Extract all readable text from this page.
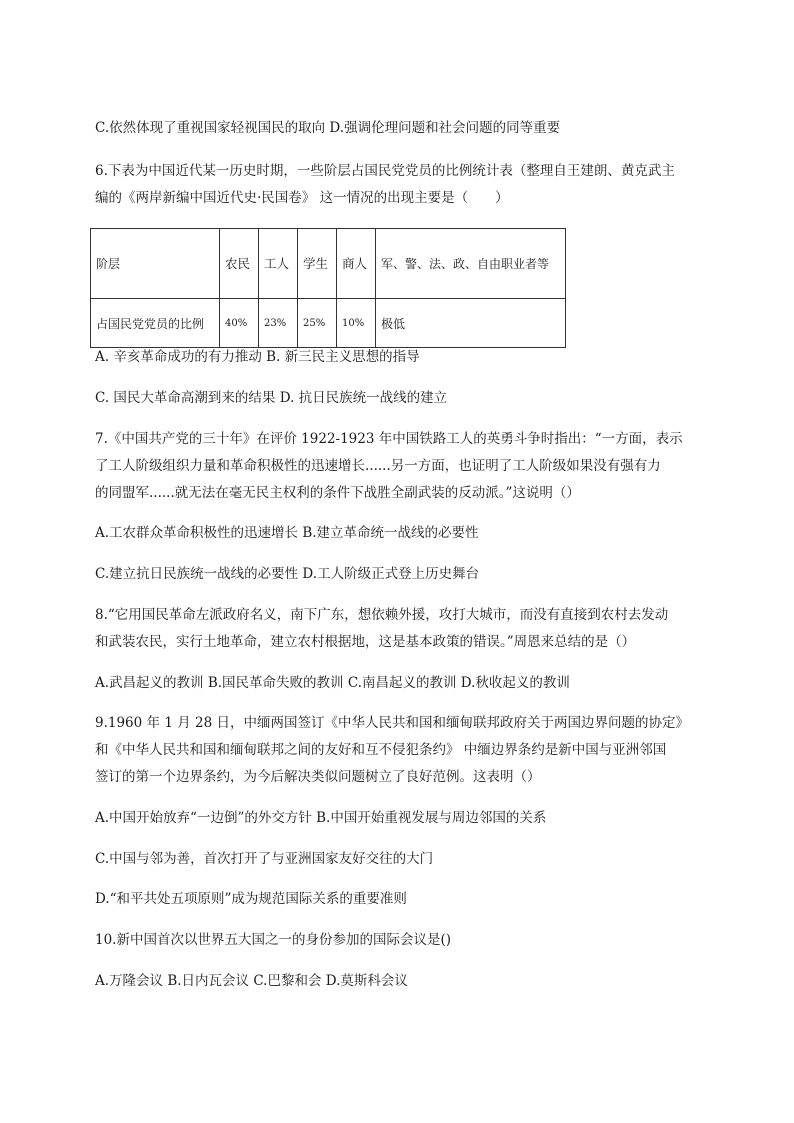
C.依然体现了重视国家轻视国民的取向 D.强调伦理问题和社会问题的同等重要
6.下表为中国近代某一历史时期，一些阶层占国民党党员的比例统计表（整理自王建朗、黄克武主
编的《两岸新编中国近代史·民国卷》 这一情况的出现主要是（　　）
阶层	农民	工人	学生	商人	军、警、法、政、自由职业者等
占国民党党员的比例	40%	23%	25%	10%	极低
A. 辛亥革命成功的有力推动 B. 新三民主义思想的指导
C. 国民大革命高潮到来的结果 D. 抗日民族统一战线的建立
7.《中国共产党的三十年》在评价 1922-1923 年中国铁路工人的英勇斗争时指出：“一方面，表示
了工人阶级组织力量和革命积极性的迅速增长......另一方面，也证明了工人阶级如果没有强有力
的同盟军......就无法在毫无民主权利的条件下战胜全副武装的反动派。”这说明（）
A.工农群众革命积极性的迅速增长 B.建立革命统一战线的必要性
C.建立抗日民族统一战线的必要性 D.工人阶级正式登上历史舞台
8.“它用国民革命左派政府名义，南下广东，想依赖外援，攻打大城市，而没有直接到农村去发动
和武装农民，实行土地革命，建立农村根据地，这是基本政策的错误。”周恩来总结的是（）
A.武昌起义的教训 B.国民革命失败的教训 C.南昌起义的教训 D.秋收起义的教训
9.1960 年 1 月 28 日，中缅两国签订《中华人民共和国和缅甸联邦政府关于两国边界问题的协定》
和《中华人民共和国和缅甸联邦之间的友好和互不侵犯条约》 中缅边界条约是新中国与亚洲邻国
签订的第一个边界条约，为今后解决类似问题树立了良好范例。这表明（）
A.中国开始放弃“一边倒”的外交方针 B.中国开始重视发展与周边邻国的关系
C.中国与邻为善，首次打开了与亚洲国家友好交往的大门
D.“和平共处五项原则”成为规范国际关系的重要准则
10.新中国首次以世界五大国之一的身份参加的国际会议是()
A.万隆会议 B.日内瓦会议 C.巴黎和会 D.莫斯科会议
